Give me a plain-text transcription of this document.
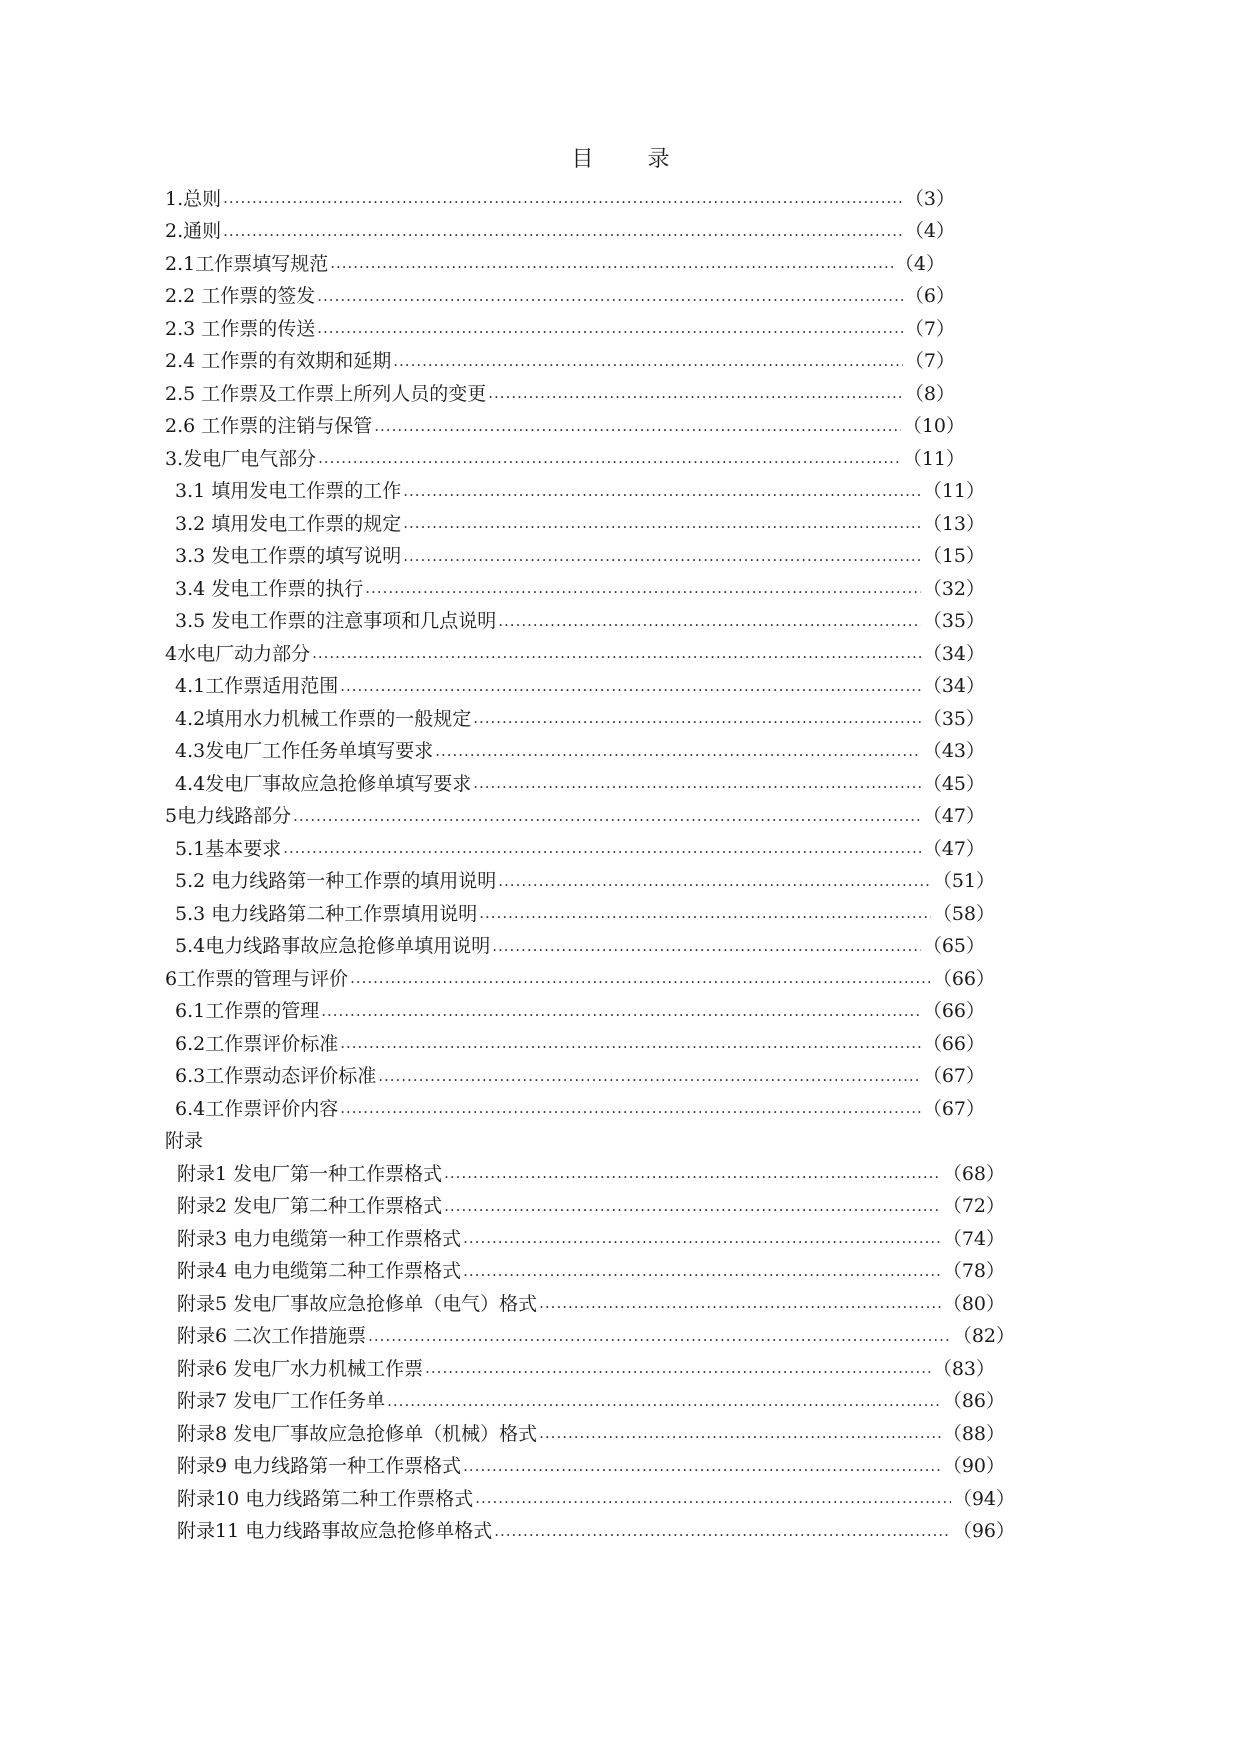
目 录
1.总则 .....	（3）
2.通则 .....	（4）
2.1工作票填写规范 .....	（4）
2.2 工作票的签发 .....	（6）
2.3 工作票的传送 .....	（7）
2.4 工作票的有效期和延期 .....	（7）
2.5 工作票及工作票上所列人员的变更 .....	（8）
2.6 工作票的注销与保管 .....	（10）
3.发电厂电气部分 .....	（11）
3.1 填用发电工作票的工作 .....	（11）
3.2 填用发电工作票的规定 .....	（13）
3.3 发电工作票的填写说明 .....	（15）
3.4 发电工作票的执行 .....	（32）
3.5 发电工作票的注意事项和几点说明 .....	（35）
4水电厂动力部分 .....	（34）
4.1工作票适用范围 .....	（34）
4.2填用水力机械工作票的一般规定 .....	（35）
4.3发电厂工作任务单填写要求 .....	（43）
4.4发电厂事故应急抢修单填写要求 .....	（45）
5电力线路部分 .....	（47）
5.1基本要求 .....	（47）
5.2 电力线路第一种工作票的填用说明 .....	（51）
5.3 电力线路第二种工作票填用说明 .....	（58）
5.4电力线路事故应急抢修单填用说明 .....	（65）
6工作票的管理与评价 .....	（66）
6.1工作票的管理 .....	（66）
6.2工作票评价标准 .....	（66）
6.3工作票动态评价标准 .....	（67）
6.4工作票评价内容 .....	（67）
附录
附录1 发电厂第一种工作票格式 .....	（68）
附录2 发电厂第二种工作票格式 .....	（72）
附录3 电力电缆第一种工作票格式 .....	（74）
附录4 电力电缆第二种工作票格式 .....	（78）
附录5 发电厂事故应急抢修单（电气）格式 .....	（80）
附录6 二次工作措施票 .....	（82）
附录6 发电厂水力机械工作票 .....	（83）
附录7 发电厂工作任务单 .....	（86）
附录8 发电厂事故应急抢修单（机械）格式 .....	（88）
附录9 电力线路第一种工作票格式 .....	（90）
附录10 电力线路第二种工作票格式 .....	（94）
附录11 电力线路事故应急抢修单格式 .....	（96）
